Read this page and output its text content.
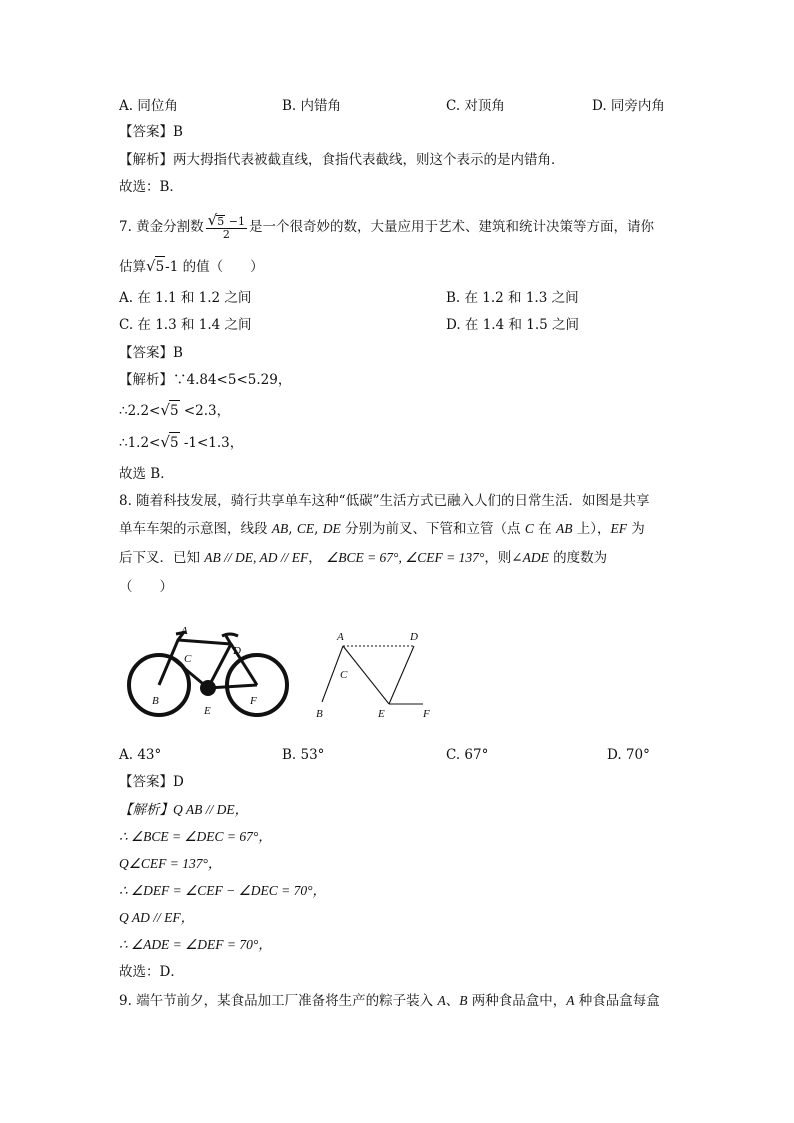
A. 同位角	B. 内错角	C. 对顶角	D. 同旁内角
【答案】B
【解析】两大拇指代表被截直线，食指代表截线，则这个表示的是内错角．
故选：B．
7. 黄金分割数 $\frac{√5 -1}{2}$ 是一个很奇妙的数，大量应用于艺术、建筑和统计决策等方面，请你
估算√5-1 的值（　　）
A. 在 1.1 和 1.2 之间	B. 在 1.2 和 1.3 之间
C. 在 1.3 和 1.4 之间	D. 在 1.4 和 1.5 之间
【答案】B
【解析】∵4.84<5<5.29，
∴2.2<√5 <2.3，
∴1.2<√5 -1<1.3，
故选 B．
8. 随着科技发展，骑行共享单车这种“低碳”生活方式已融入人们的日常生活．如图是共享
单车车架的示意图，线段 AB, CE, DE 分别为前叉、下管和立管（点 C 在 AB 上），EF 为
后下叉．已知 AB // DE, AD // EF， ∠BCE = 67°, ∠CEF = 137°，则∠ADE 的度数为
（　　）
A
C
D
B
E
F
A
C
D
B	E	F
A. 43°	B. 53°	C. 67°	D. 70°
【答案】D
【解析】Q AB // DE，
∴ ∠BCE = ∠DEC = 67°，
Q∠CEF = 137°，
∴ ∠DEF = ∠CEF − ∠DEC = 70°，
Q AD // EF，
∴ ∠ADE = ∠DEF = 70°，
故选：D．
9. 端午节前夕，某食品加工厂准备将生产的粽子装入 A、B 两种食品盒中，A 种食品盒每盒
